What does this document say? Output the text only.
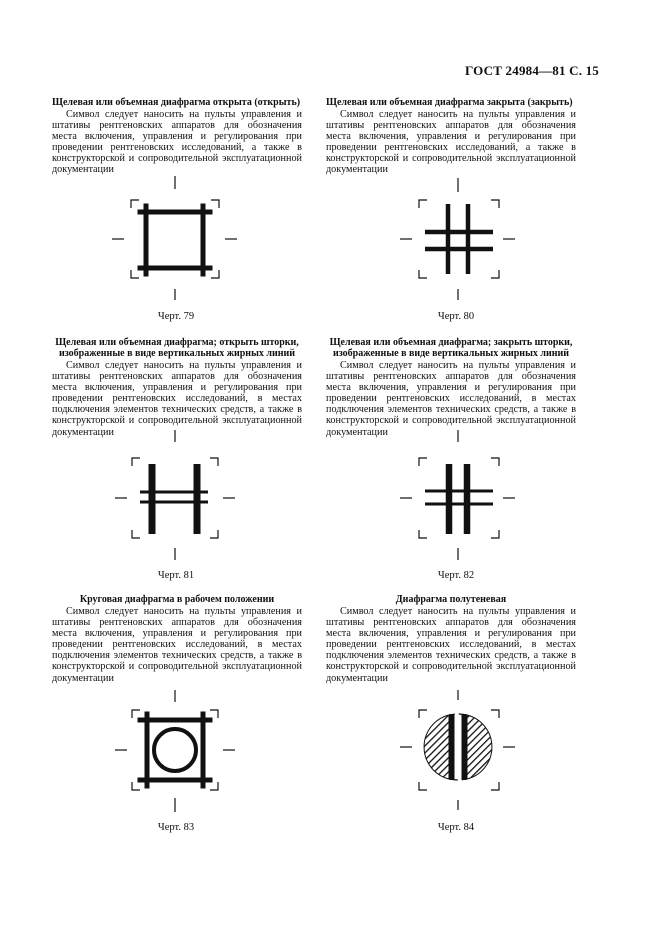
ГОСТ 24984—81 С. 15
Щелевая или объемная диафрагма открыта (открыть)
Символ следует наносить на пульты управления и штативы рентгеновских аппаратов для обозначения места включения, управления и регулирования при проведении рентгеновских исследований, а также в конструкторской и сопроводительной эксплуатационной документации
Черт. 79
Щелевая или объемная диафрагма закрыта (закрыть)
Символ следует наносить на пульты управления и штативы рентгеновских аппаратов для обозначения места включения, управления и регулирования при проведении рентгеновских исследований, а также в конструкторской и сопроводительной эксплуатационной документации
Черт. 80
Щелевая или объемная диафрагма; открыть шторки, изображенные в виде вертикальных жирных линий
Символ следует наносить на пульты управления и штативы рентгеновских аппаратов для обозначения места включения, управления и регулирования при проведении рентгеновских исследований, в местах подключения элементов технических средств, а также в конструкторской и сопроводительной эксплуатационной документации
Черт. 81
Щелевая или объемная диафрагма; закрыть шторки, изображенные в виде вертикальных жирных линий
Символ следует наносить на пульты управления и штативы рентгеновских аппаратов для обозначения места включения, управления и регулирования при проведении рентгеновских исследований, в местах подключения элементов технических средств, а также в конструкторской и сопроводительной эксплуатационной документации
Черт. 82
Круговая диафрагма в рабочем положении
Символ следует наносить на пульты управления и штативы рентгеновских аппаратов для обозначения места включения, управления и регулирования при проведении рентгеновских исследований, в местах подключения элементов технических средств, а также в конструкторской и сопроводительной эксплуатационной документации
Черт. 83
Диафрагма полутеневая
Символ следует наносить на пульты управления и штативы рентгеновских аппаратов для обозначения места включения, управления и регулирования при проведении рентгеновских исследований, в местах подключения элементов технических средств, а также в конструкторской и сопроводительной эксплуатационной документации
Черт. 84
